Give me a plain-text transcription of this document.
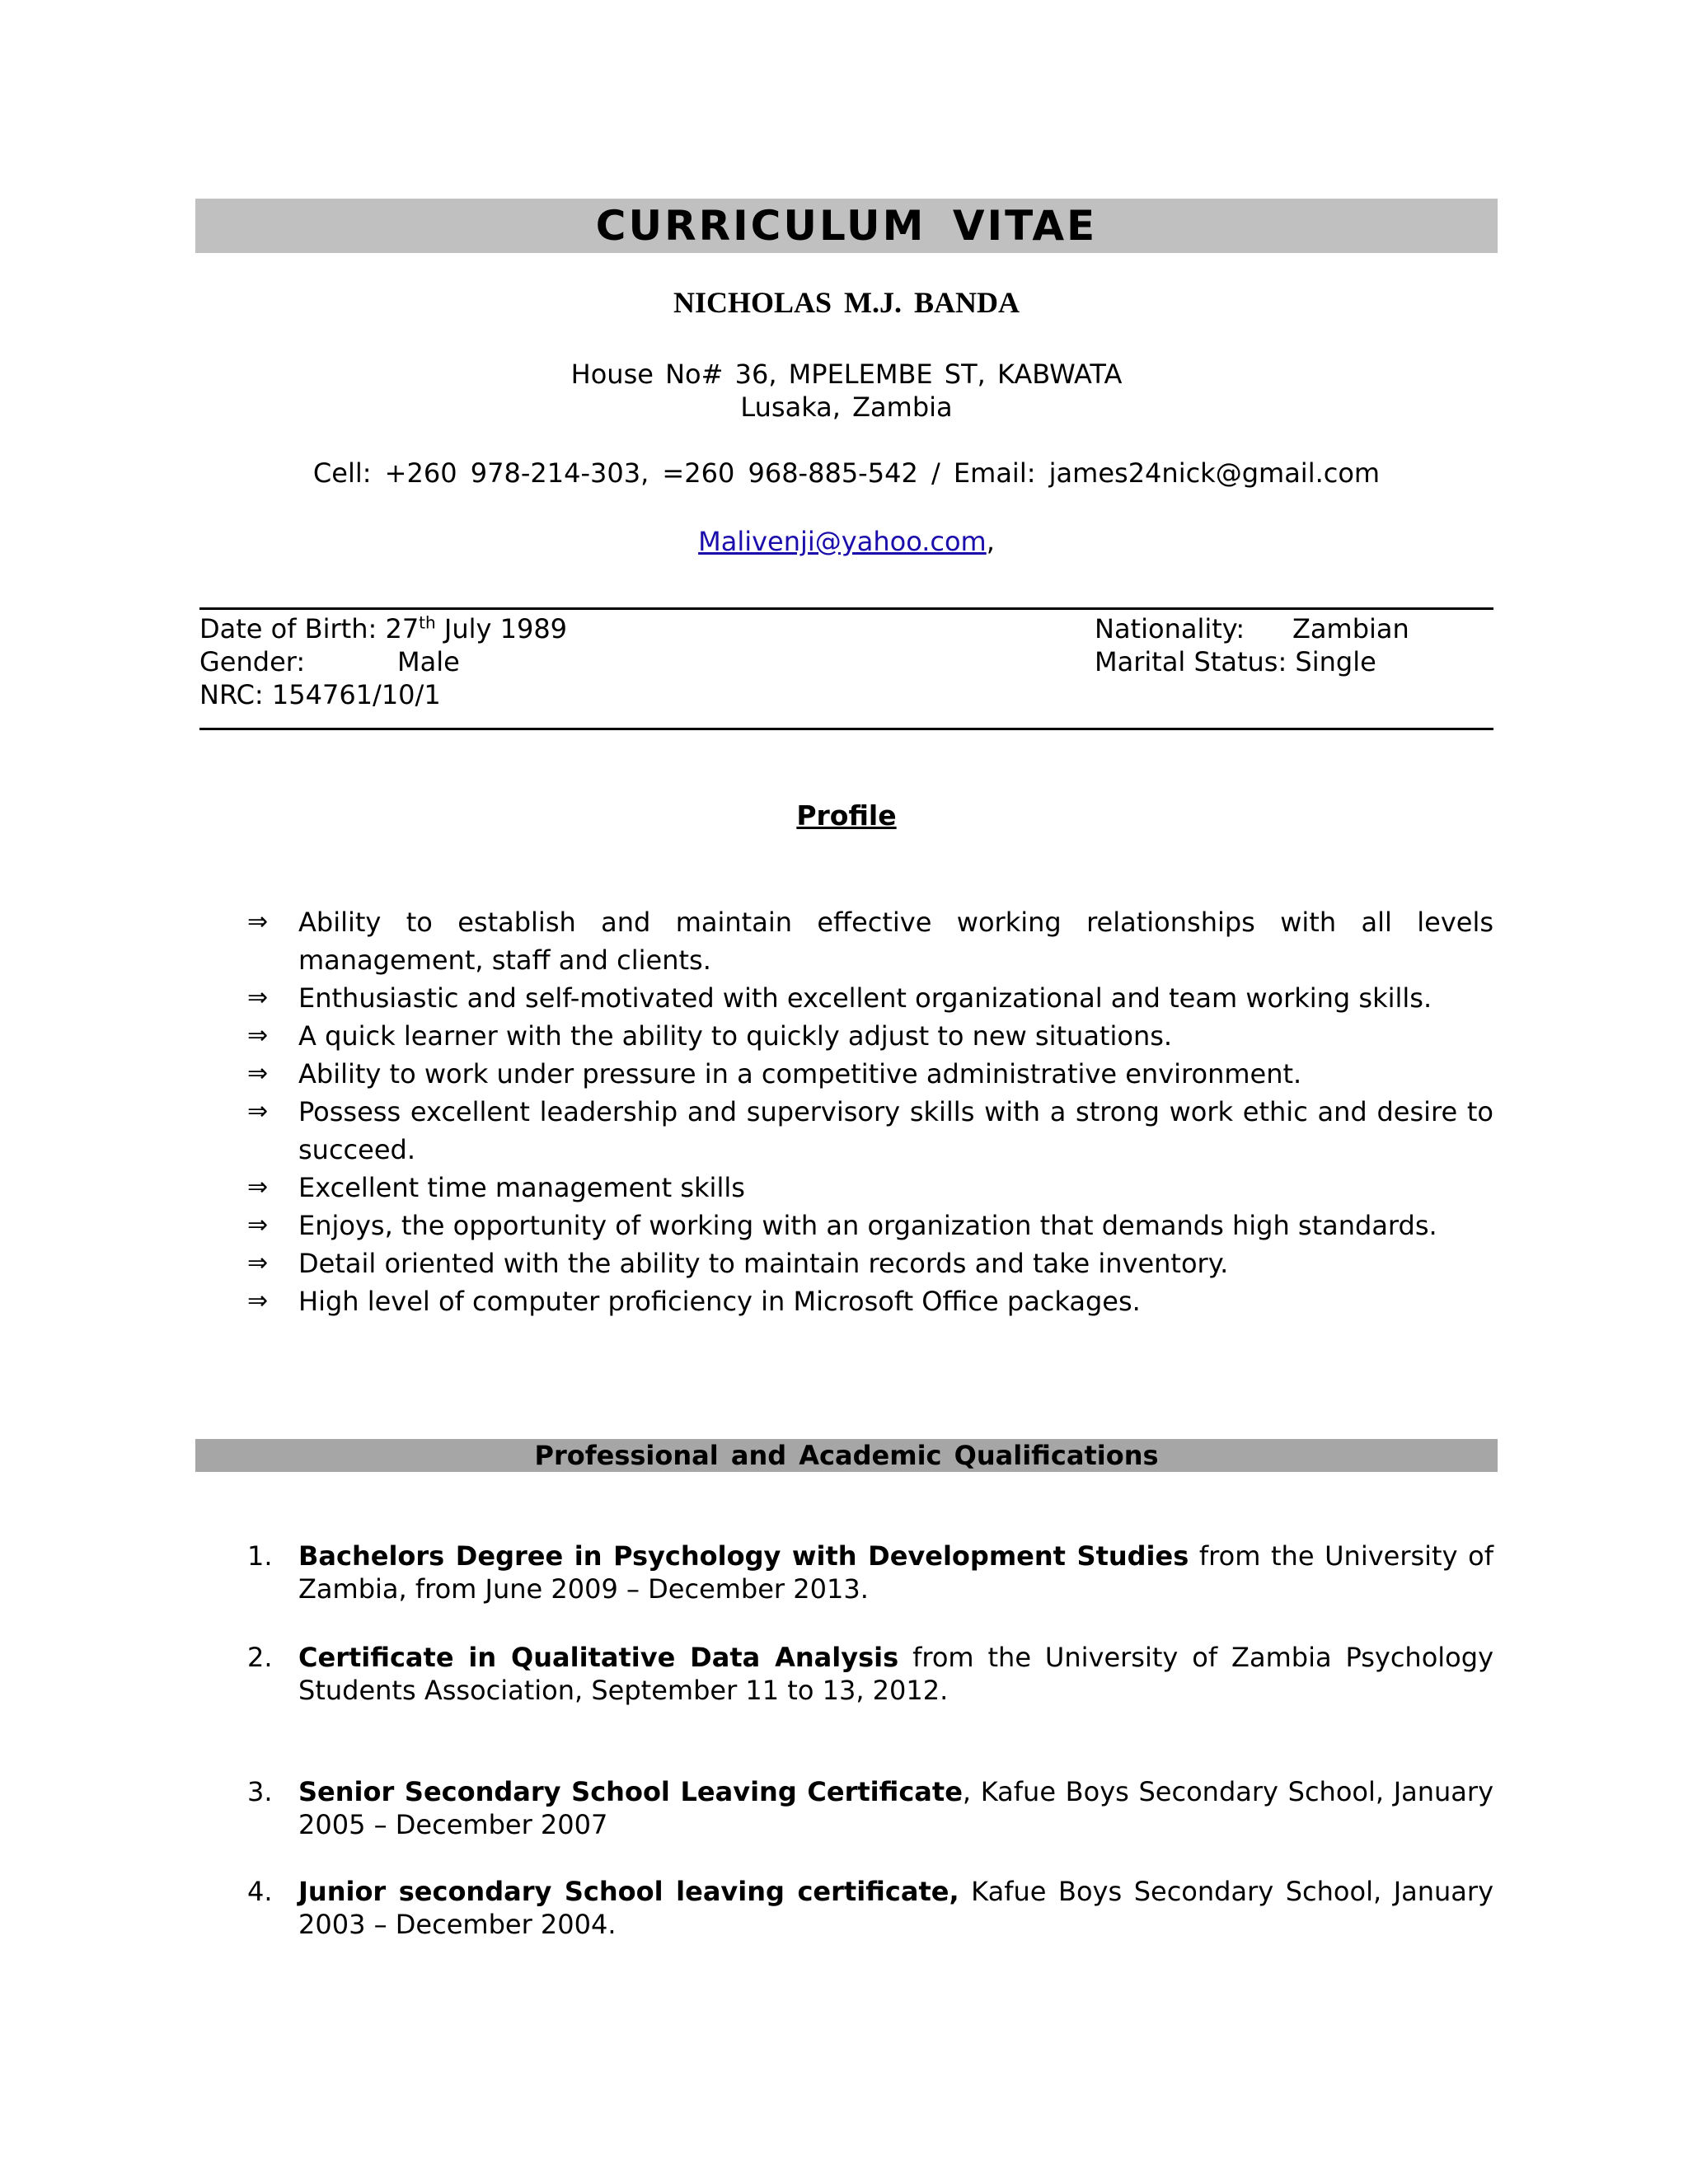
CURRICULUM VITAE
NICHOLAS M.J. BANDA
House No# 36, MPELEMBE ST, KABWATA
Lusaka, Zambia
Cell: +260 978-214-303, =260 968-885-542 / Email: james24nick@gmail.com
Malivenji@yahoo.com,
Date of Birth: 27th July 1989
Gender:	Male
NRC: 154761/10/1
Nationality: Zambian
Marital Status: Single
Profile
⇒ Ability to establish and maintain effective working relationships with all levels management, staff and clients.
⇒ Enthusiastic and self-motivated with excellent organizational and team working skills.
⇒ A quick learner with the ability to quickly adjust to new situations.
⇒ Ability to work under pressure in a competitive administrative environment.
⇒ Possess excellent leadership and supervisory skills with a strong work ethic and desire to succeed.
⇒ Excellent time management skills
⇒ Enjoys, the opportunity of working with an organization that demands high standards.
⇒ Detail oriented with the ability to maintain records and take inventory.
⇒ High level of computer proficiency in Microsoft Office packages.
Professional and Academic Qualifications
1. Bachelors Degree in Psychology with Development Studies from the University of Zambia, from June 2009 – December 2013.
2. Certificate in Qualitative Data Analysis from the University of Zambia Psychology Students Association, September 11 to 13, 2012.
3. Senior Secondary School Leaving Certificate, Kafue Boys Secondary School, January 2005 – December 2007
4. Junior secondary School leaving certificate, Kafue Boys Secondary School, January 2003 – December 2004.
